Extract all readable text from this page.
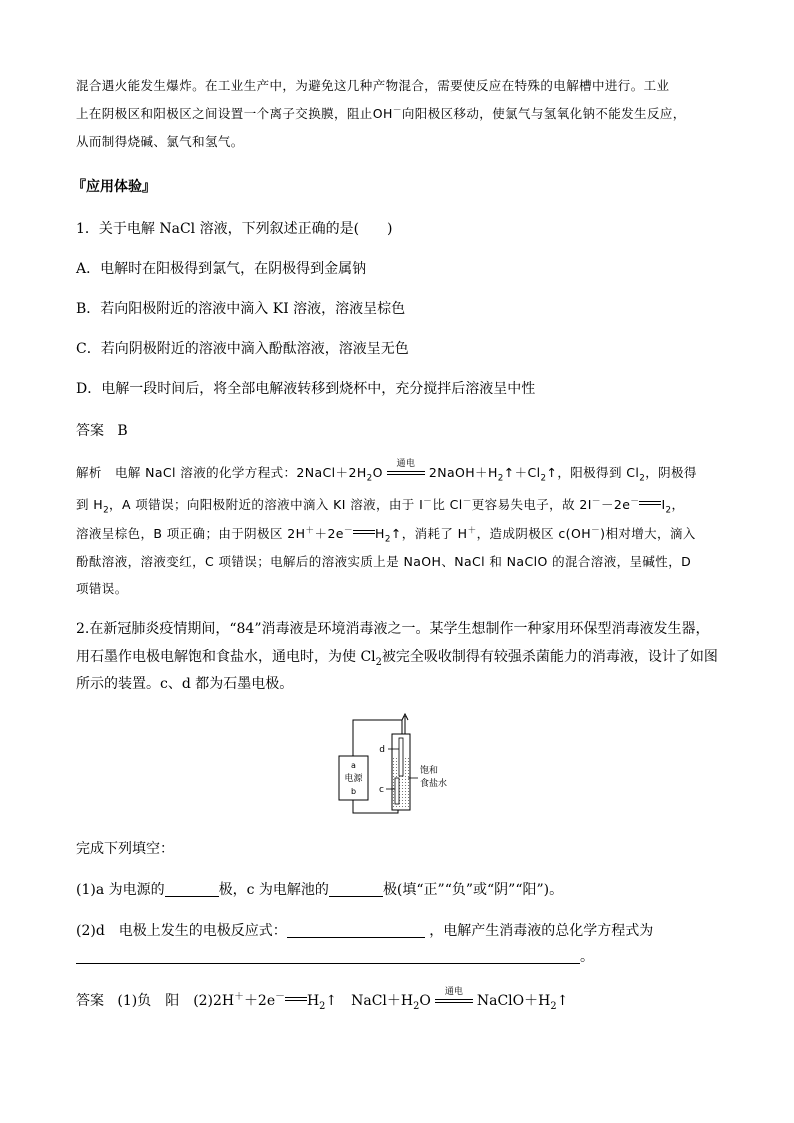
混合遇火能发生爆炸。在工业生产中，为避免这几种产物混合，需要使反应在特殊的电解槽中进行。工业
上在阴极区和阳极区之间设置一个离子交换膜，阻止OH－向阳极区移动，使氯气与氢氧化钠不能发生反应，
从而制得烧碱、氯气和氢气。
『应用体验』
1．关于电解 NaCl 溶液，下列叙述正确的是(　　)
A．电解时在阳极得到氯气，在阴极得到金属钠
B．若向阳极附近的溶液中滴入 KI 溶液，溶液呈棕色
C．若向阴极附近的溶液中滴入酚酞溶液，溶液呈无色
D．电解一段时间后，将全部电解液转移到烧杯中，充分搅拌后溶液呈中性
答案 B
解析 电解 NaCl 溶液的化学方程式：$2NaCl+2H_2O$
通电
$2NaOH+H_2↑+Cl_2↑$，阳极得到 $Cl_2$，阴极得
到 $H_2$，A 项错误；向阳极附近的溶液中滴入 KI 溶液，由于 I－比 Cl－更容易失电子，故 2I－－2e－ $I_2$，
溶液呈棕色，B 项正确；由于阴极区 2H＋＋2e－ $H_2↑$，消耗了 H＋，造成阴极区 c(OH－)相对增大，滴入
酚酞溶液，溶液变红，C 项错误；电解后的溶液实质上是 NaOH、NaCl 和 NaClO 的混合溶液，呈碱性，D
项错误。
2.在新冠肺炎疫情期间，“84”消毒液是环境消毒液之一。某学生想制作一种家用环保型消毒液发生器，
用石墨作电极电解饱和食盐水，通电时，为使 $Cl_2$被完全吸收制得有较强杀菌能力的消毒液，设计了如图
所示的装置。c、d 都为石墨电极。
a
电源
b
d
c
饱和
食盐水
完成下列填空：
(1)a 为电源的	极，c 为电解池的	极(填“正”“负”或“阴”“阳”)。
(2)d　电极上发生的电极反应式：	，电解产生消毒液的总化学方程式为
。
答案 (1)负　阳　(2)2H＋＋2e－ $H_2↑$　$NaCl+H_2O$
通电
$NaClO+H_2↑$
